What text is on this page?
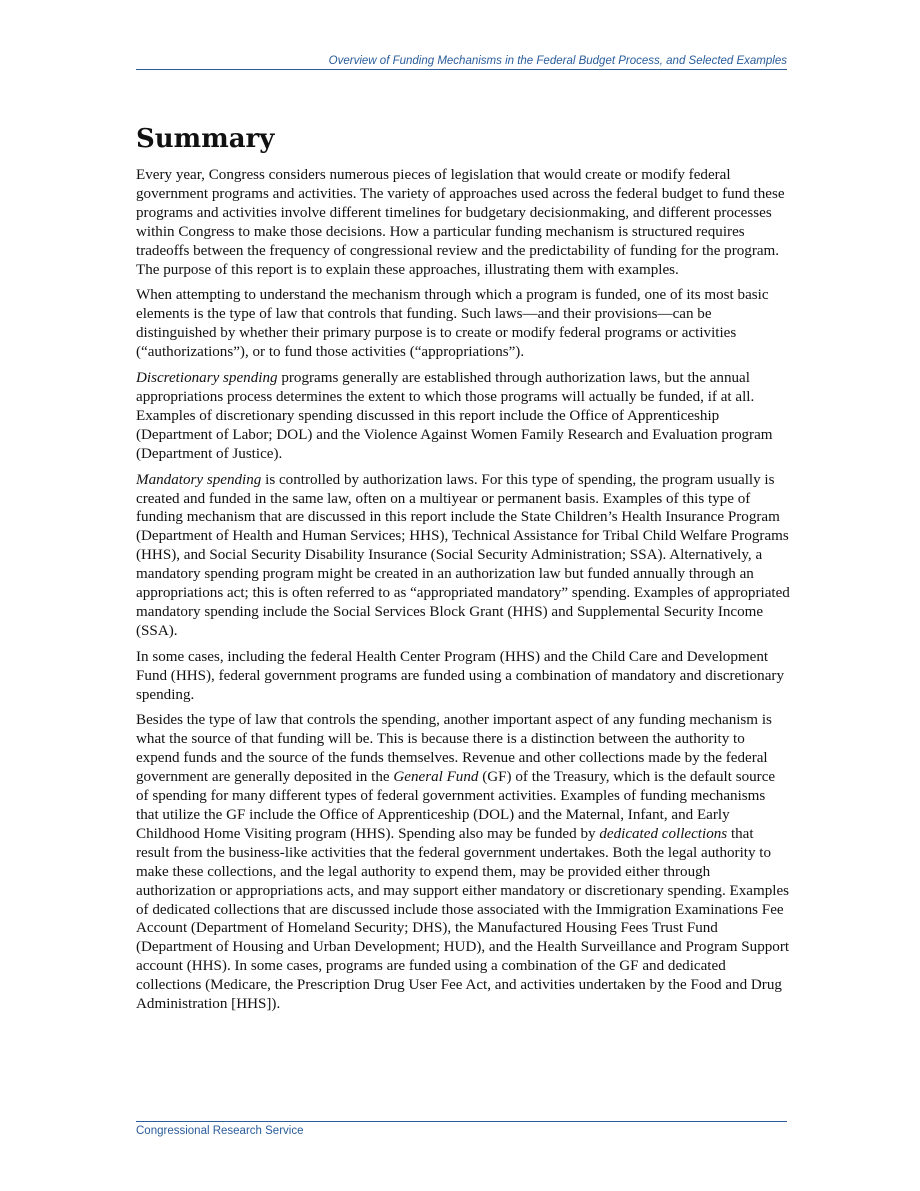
Overview of Funding Mechanisms in the Federal Budget Process, and Selected Examples
Summary

Every year, Congress considers numerous pieces of legislation that would create or modify federal government programs and activities. The variety of approaches used across the federal budget to fund these programs and activities involve different timelines for budgetary decisionmaking, and different processes within Congress to make those decisions. How a particular funding mechanism is structured requires tradeoffs between the frequency of congressional review and the predictability of funding for the program. The purpose of this report is to explain these approaches, illustrating them with examples.

When attempting to understand the mechanism through which a program is funded, one of its most basic elements is the type of law that controls that funding. Such laws—and their provisions—can be distinguished by whether their primary purpose is to create or modify federal programs or activities (“authorizations”), or to fund those activities (“appropriations”).

Discretionary spending programs generally are established through authorization laws, but the annual appropriations process determines the extent to which those programs will actually be funded, if at all. Examples of discretionary spending discussed in this report include the Office of Apprenticeship (Department of Labor; DOL) and the Violence Against Women Family Research and Evaluation program (Department of Justice).

Mandatory spending is controlled by authorization laws. For this type of spending, the program usually is created and funded in the same law, often on a multiyear or permanent basis. Examples of this type of funding mechanism that are discussed in this report include the State Children’s Health Insurance Program (Department of Health and Human Services; HHS), Technical Assistance for Tribal Child Welfare Programs (HHS), and Social Security Disability Insurance (Social Security Administration; SSA). Alternatively, a mandatory spending program might be created in an authorization law but funded annually through an appropriations act; this is often referred to as “appropriated mandatory” spending. Examples of appropriated mandatory spending include the Social Services Block Grant (HHS) and Supplemental Security Income (SSA).

In some cases, including the federal Health Center Program (HHS) and the Child Care and Development Fund (HHS), federal government programs are funded using a combination of mandatory and discretionary spending.

Besides the type of law that controls the spending, another important aspect of any funding mechanism is what the source of that funding will be. This is because there is a distinction between the authority to expend funds and the source of the funds themselves. Revenue and other collections made by the federal government are generally deposited in the General Fund (GF) of the Treasury, which is the default source of spending for many different types of federal government activities. Examples of funding mechanisms that utilize the GF include the Office of Apprenticeship (DOL) and the Maternal, Infant, and Early Childhood Home Visiting program (HHS). Spending also may be funded by dedicated collections that result from the business-like activities that the federal government undertakes. Both the legal authority to make these collections, and the legal authority to expend them, may be provided either through authorization or appropriations acts, and may support either mandatory or discretionary spending. Examples of dedicated collections that are discussed include those associated with the Immigration Examinations Fee Account (Department of Homeland Security; DHS), the Manufactured Housing Fees Trust Fund (Department of Housing and Urban Development; HUD), and the Health Surveillance and Program Support account (HHS). In some cases, programs are funded using a combination of the GF and dedicated collections (Medicare, the Prescription Drug User Fee Act, and activities undertaken by the Food and Drug Administration [HHS]).

Congressional Research Service
